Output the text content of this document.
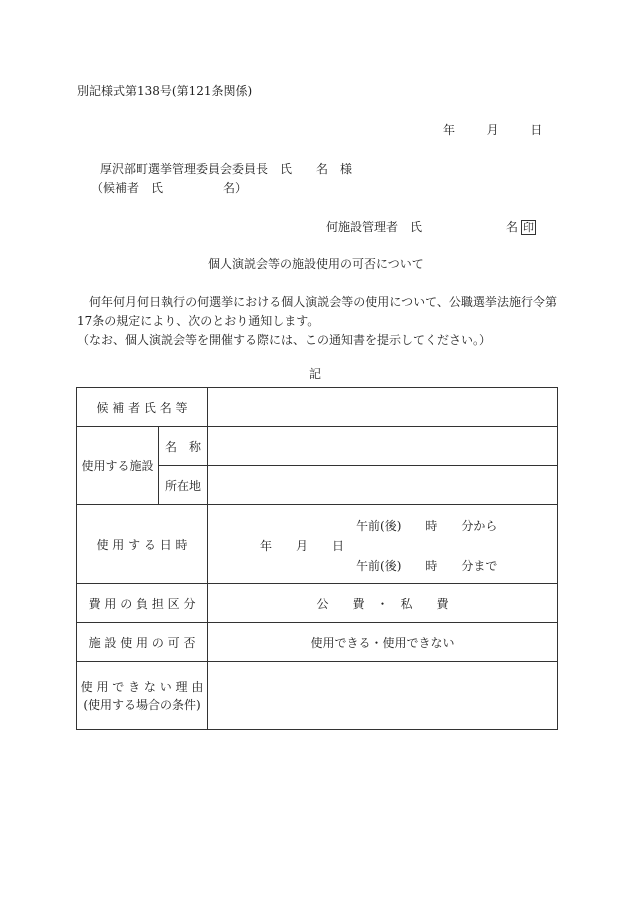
別記様式第138号(第121条関係)
年	月	日
厚沢部町選挙管理委員会委員長　氏　　名　様
（候補者　氏　　　　　名）
何施設管理者　氏　　　　　　　名 印
個人演説会等の施設使用の可否について

　何年何月何日執行の何選挙における個人演説会等の使用について、公職選挙法施行令第17条の規定により、次のとおり通知します。

（なお、個人演説会等を開催する際には、この通知書を提示してください。）

記
候 補 者 氏 名 等		
使用する施設	名　称	
	所在地	
使 用 す る 日 時		午前(後)　　時　　分から
年　　月　　日
午前(後)　　時　　分まで

費 用 の 負 担 区 分		公　　費　・　私　　費
施 設 使 用 の 可 否		使用できる・使用できない

使 用 で き な い 理 由
(使用する場合の条件)		
